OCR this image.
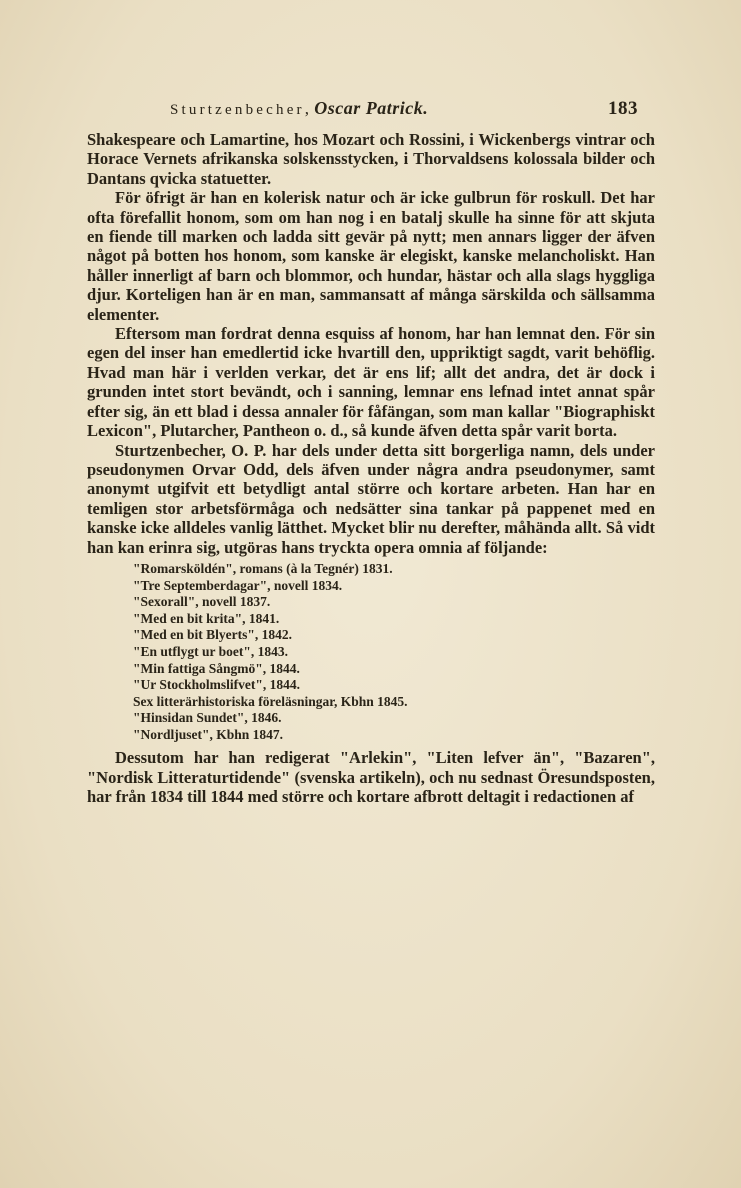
Sturtzenbecher, Oscar Patrick.	183

Shakespeare och Lamartine, hos Mozart och Rossini, i Wickenbergs vintrar och Horace Vernets afrikanska solskensstycken, i Thorvaldsens kolossala bilder och Dantans qvicka statuetter.

För öfrigt är han en kolerisk natur och är icke gulbrun för roskull. Det har ofta förefallit honom, som om han nog i en batalj skulle ha sinne för att skjuta en fiende till marken och ladda sitt gevär på nytt; men annars ligger der äfven något på botten hos honom, som kanske är elegiskt, kanske melancholiskt. Han håller innerligt af barn och blommor, och hundar, hästar och alla slags hyggliga djur. Korteligen han är en man, sammansatt af många särskilda och sällsamma elementer.

Eftersom man fordrat denna esquiss af honom, har han lemnat den. För sin egen del inser han emedlertid icke hvartill den, uppriktigt sagdt, varit behöflig. Hvad man här i verlden verkar, det är ens lif; allt det andra, det är dock i grunden intet stort bevändt, och i sanning, lemnar ens lefnad intet annat spår efter sig, än ett blad i dessa annaler för fåfängan, som man kallar "Biographiskt Lexicon", Plutarcher, Pantheon o. d., så kunde äfven detta spår varit borta.

Sturtzenbecher, O. P. har dels under detta sitt borgerliga namn, dels under pseudonymen Orvar Odd, dels äfven under några andra pseudonymer, samt anonymt utgifvit ett betydligt antal större och kortare arbeten. Han har en temligen stor arbetsförmåga och nedsätter sina tankar på pappenet med en kanske icke alldeles vanlig lätthet. Mycket blir nu derefter, måhända allt. Så vidt han kan erinra sig, utgöras hans tryckta opera omnia af följande:

"Romarsköldén", romans (à la Tegnér) 1831.
"Tre Septemberdagar", novell 1834.
"Sexorall", novell 1837.
"Med en bit krita", 1841.
"Med en bit Blyerts", 1842.
"En utflygt ur boet", 1843.
"Min fattiga Sångmö", 1844.
"Ur Stockholmslifvet", 1844.
Sex litterärhistoriska föreläsningar, Kbhn 1845.
"Hinsidan Sundet", 1846.
"Nordljuset", Kbhn 1847.

Dessutom har han redigerat "Arlekin", "Liten lefver än", "Bazaren", "Nordisk Litteraturtidende" (svenska artikeln), och nu sednast Öresundsposten, har från 1834 till 1844 med större och kortare afbrott deltagit i redactionen af
